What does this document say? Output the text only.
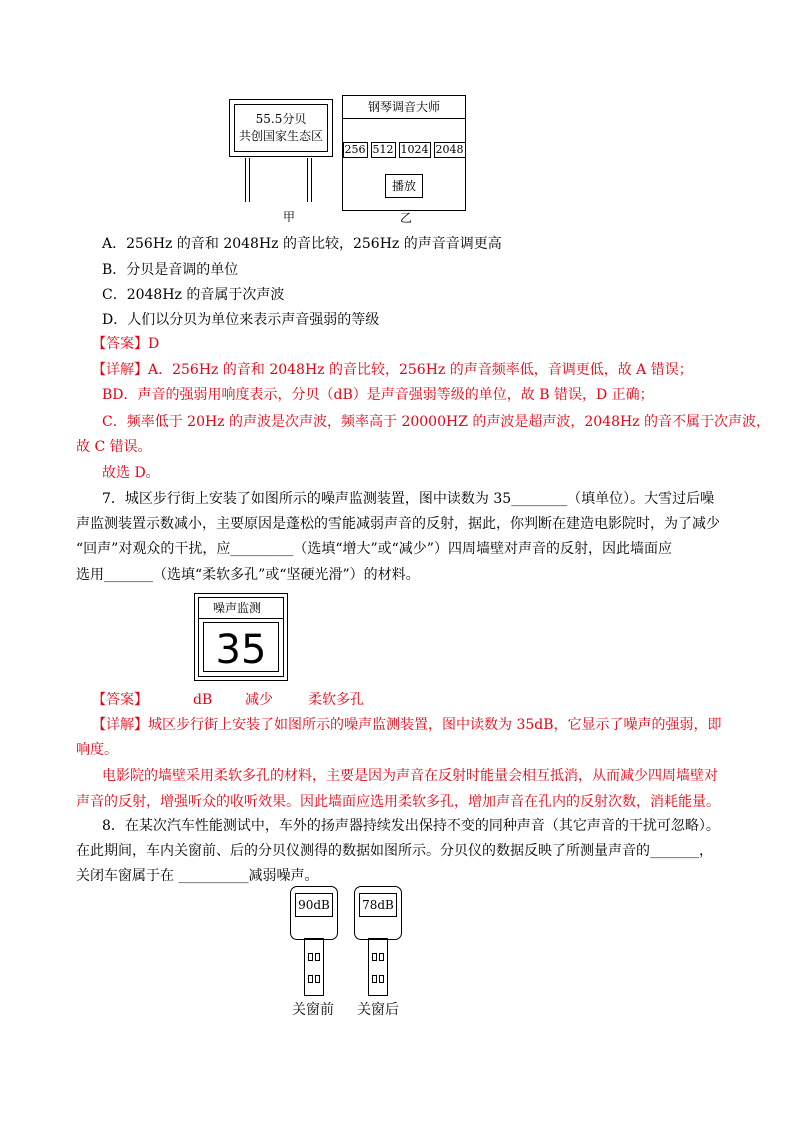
55.5分贝
共创国家生态区
甲
钢琴调音大师
256 512 1024 2048
播放
乙
A．256Hz 的音和 2048Hz 的音比较，256Hz 的声音音调更高
B．分贝是音调的单位
C．2048Hz 的音属于次声波
D．人们以分贝为单位来表示声音强弱的等级
【答案】D
【详解】A．256Hz 的音和 2048Hz 的音比较，256Hz 的声音频率低，音调更低，故 A 错误；
BD．声音的强弱用响度表示，分贝（dB）是声音强弱等级的单位，故 B 错误，D 正确；
C．频率低于 20Hz 的声波是次声波，频率高于 20000HZ 的声波是超声波，2048Hz 的音不属于次声波，
故 C 错误。
故选 D。
7．城区步行街上安装了如图所示的噪声监测装置，图中读数为 35________（填单位）。大雪过后噪
声监测装置示数减小，主要原因是蓬松的雪能减弱声音的反射，据此，你判断在建造电影院时，为了减少
“回声”对观众的干扰，应_________（选填“增大”或“减少”）四周墙壁对声音的反射，因此墙面应
选用_______（选填“柔软多孔”或“坚硬光滑”）的材料。
噪声监测
35
【答案】	dB 减少	柔软多孔
【详解】城区步行街上安装了如图所示的噪声监测装置，图中读数为 35dB，它显示了噪声的强弱，即
响度。
电影院的墙壁采用柔软多孔的材料，主要是因为声音在反射时能量会相互抵消，从而减少四周墙壁对
声音的反射，增强听众的收听效果。因此墙面应选用柔软多孔，增加声音在孔内的反射次数，消耗能量。
8．在某次汽车性能测试中，车外的扬声器持续发出保持不变的同种声音（其它声音的干扰可忽略）。
在此期间，车内关窗前、后的分贝仪测得的数据如图所示。分贝仪的数据反映了所测量声音的_______，
关闭车窗属于在 __________减弱噪声。
90dB	78dB
关窗前 关窗后
